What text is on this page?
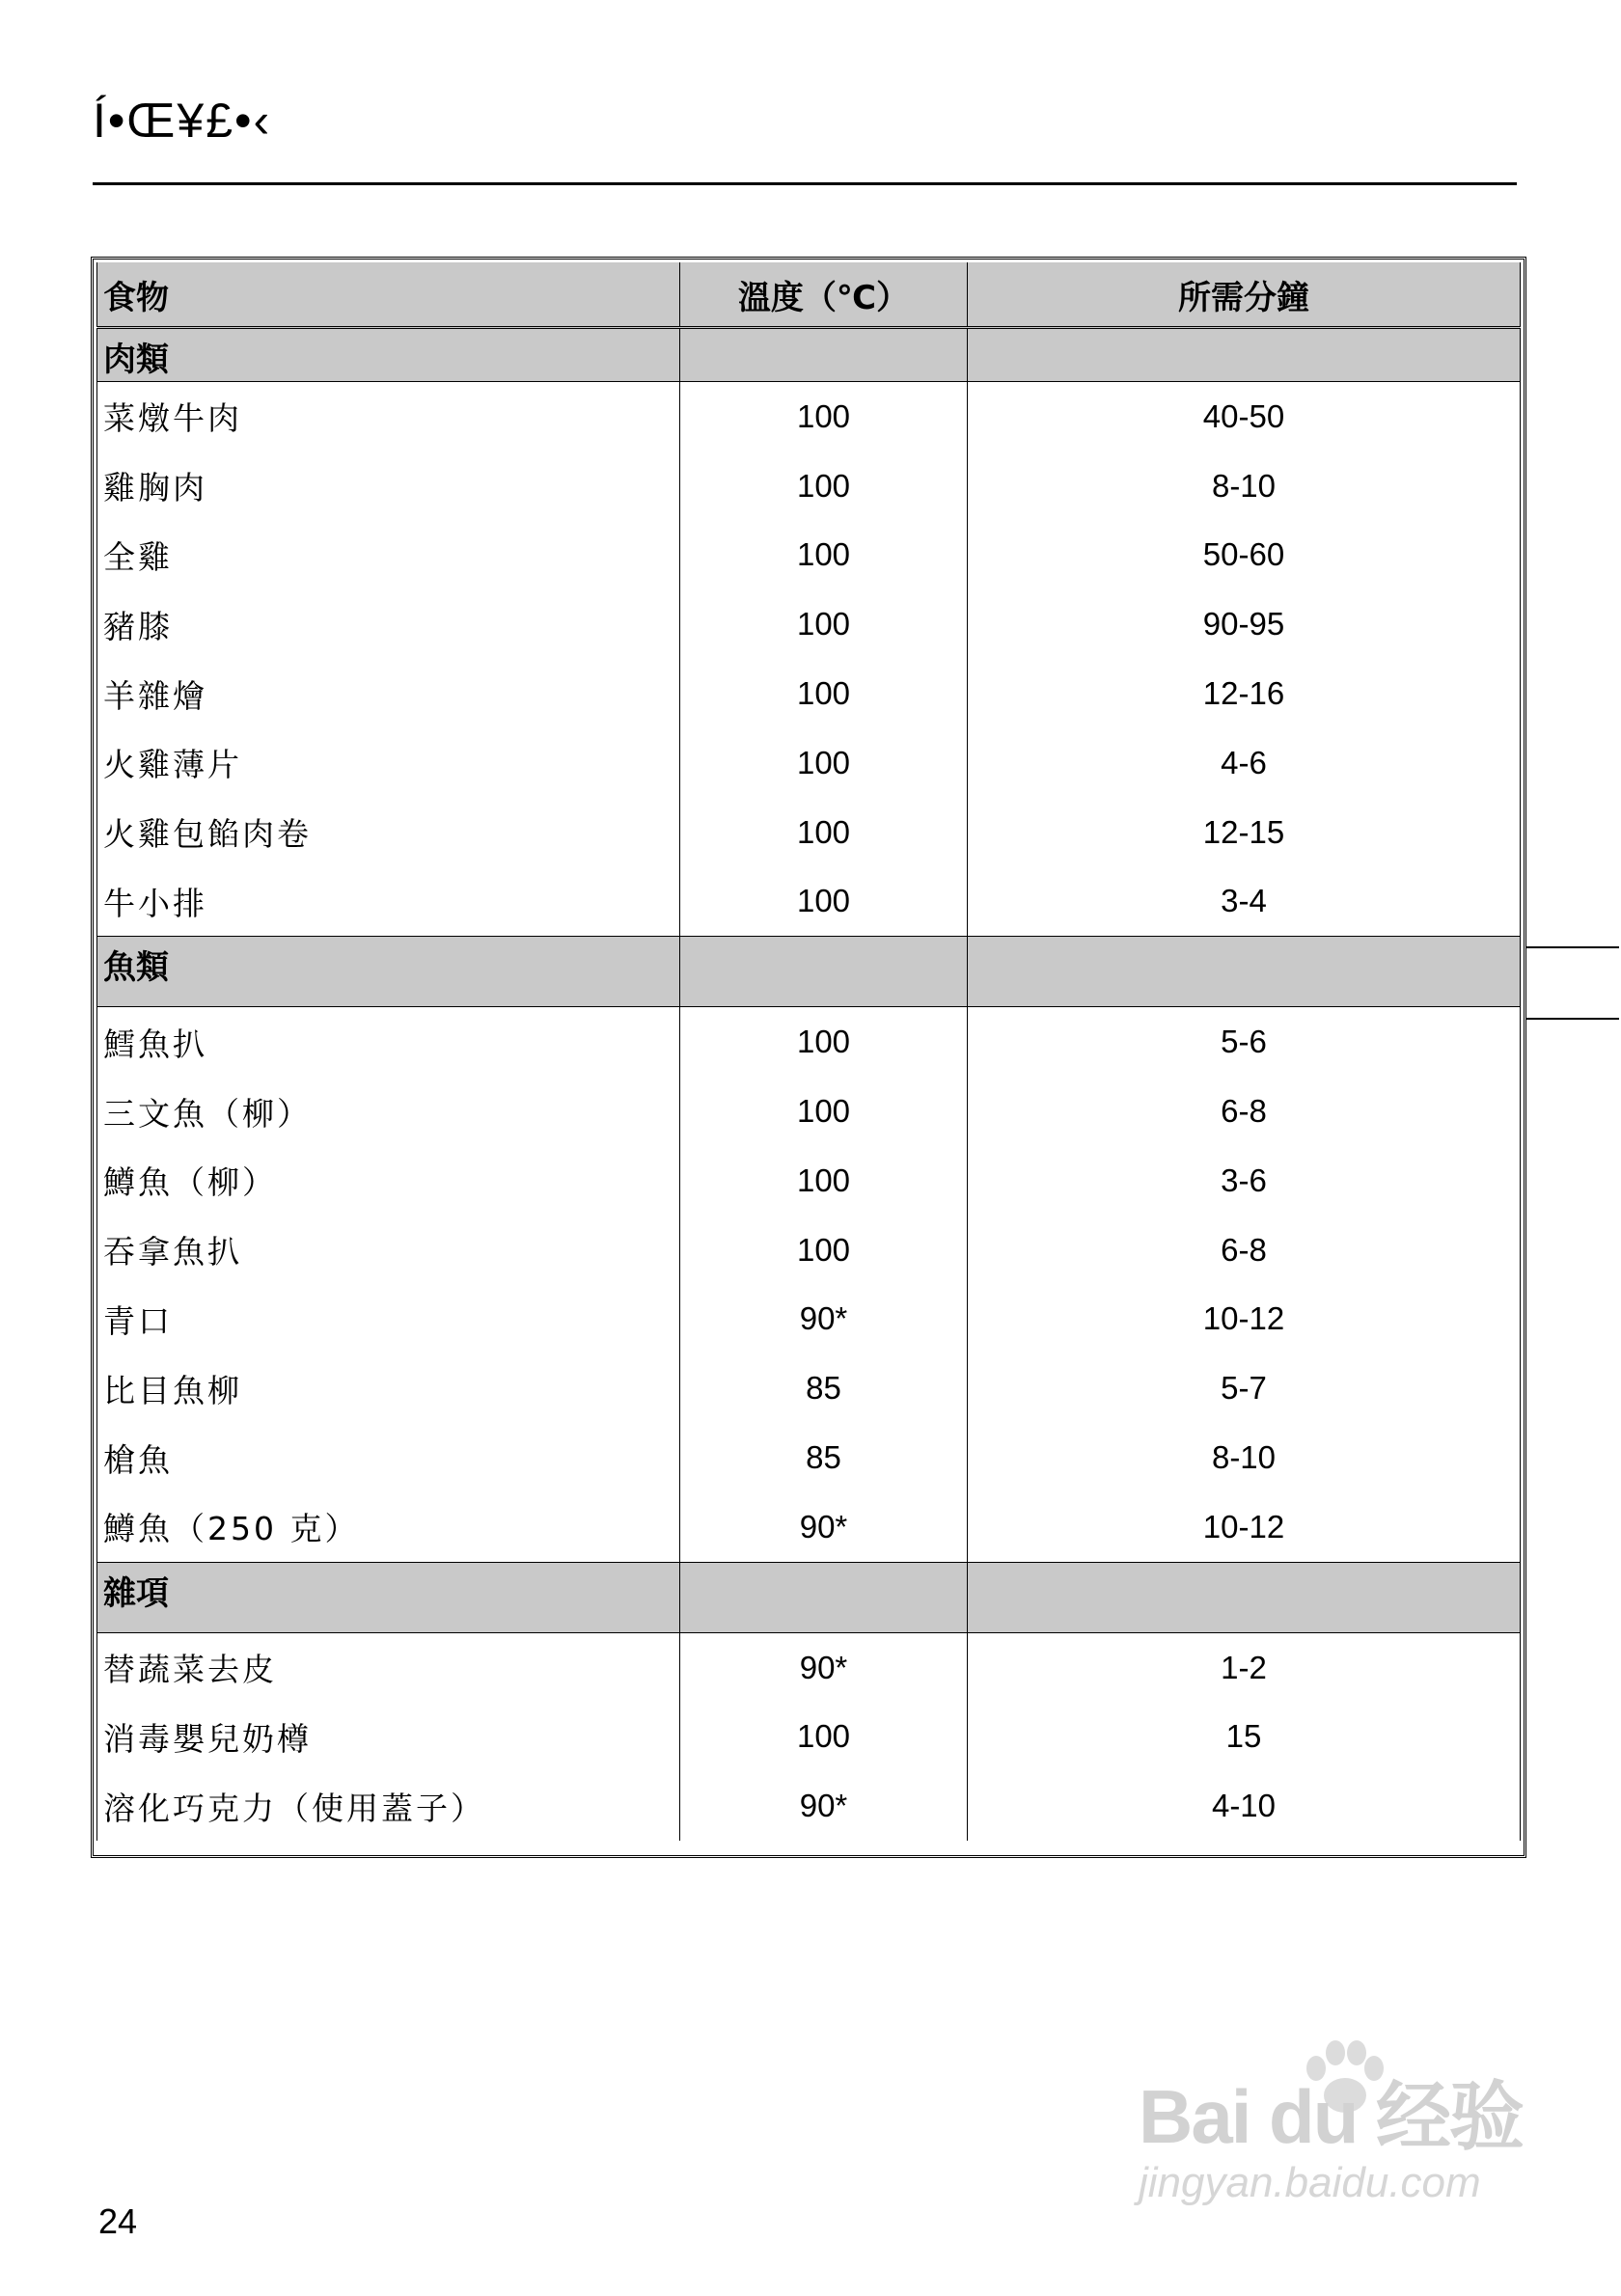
Í•Œ¥£•‹
食物	溫度（℃）	所需分鐘
肉類		
菜燉牛肉	100	40-50
雞胸肉	100	8-10
全雞	100	50-60
豬膝	100	90-95
羊雜燴	100	12-16
火雞薄片	100	4-6
火雞包餡肉卷	100	12-15
牛小排	100	3-4
魚類		
鱈魚扒	100	5-6
三文魚（柳）	100	6-8
鱒魚（柳）	100	3-6
吞拿魚扒	100	6-8
青口	90*	10-12
比目魚柳	85	5-7
槍魚	85	8-10
鱒魚（250 克）	90*	10-12
雜項		
替蔬菜去皮	90*	1-2
消毒嬰兒奶樽	100	15
溶化巧克力（使用蓋子）	90*	4-10
24
Bai du 经验
jingyan.baidu.com
